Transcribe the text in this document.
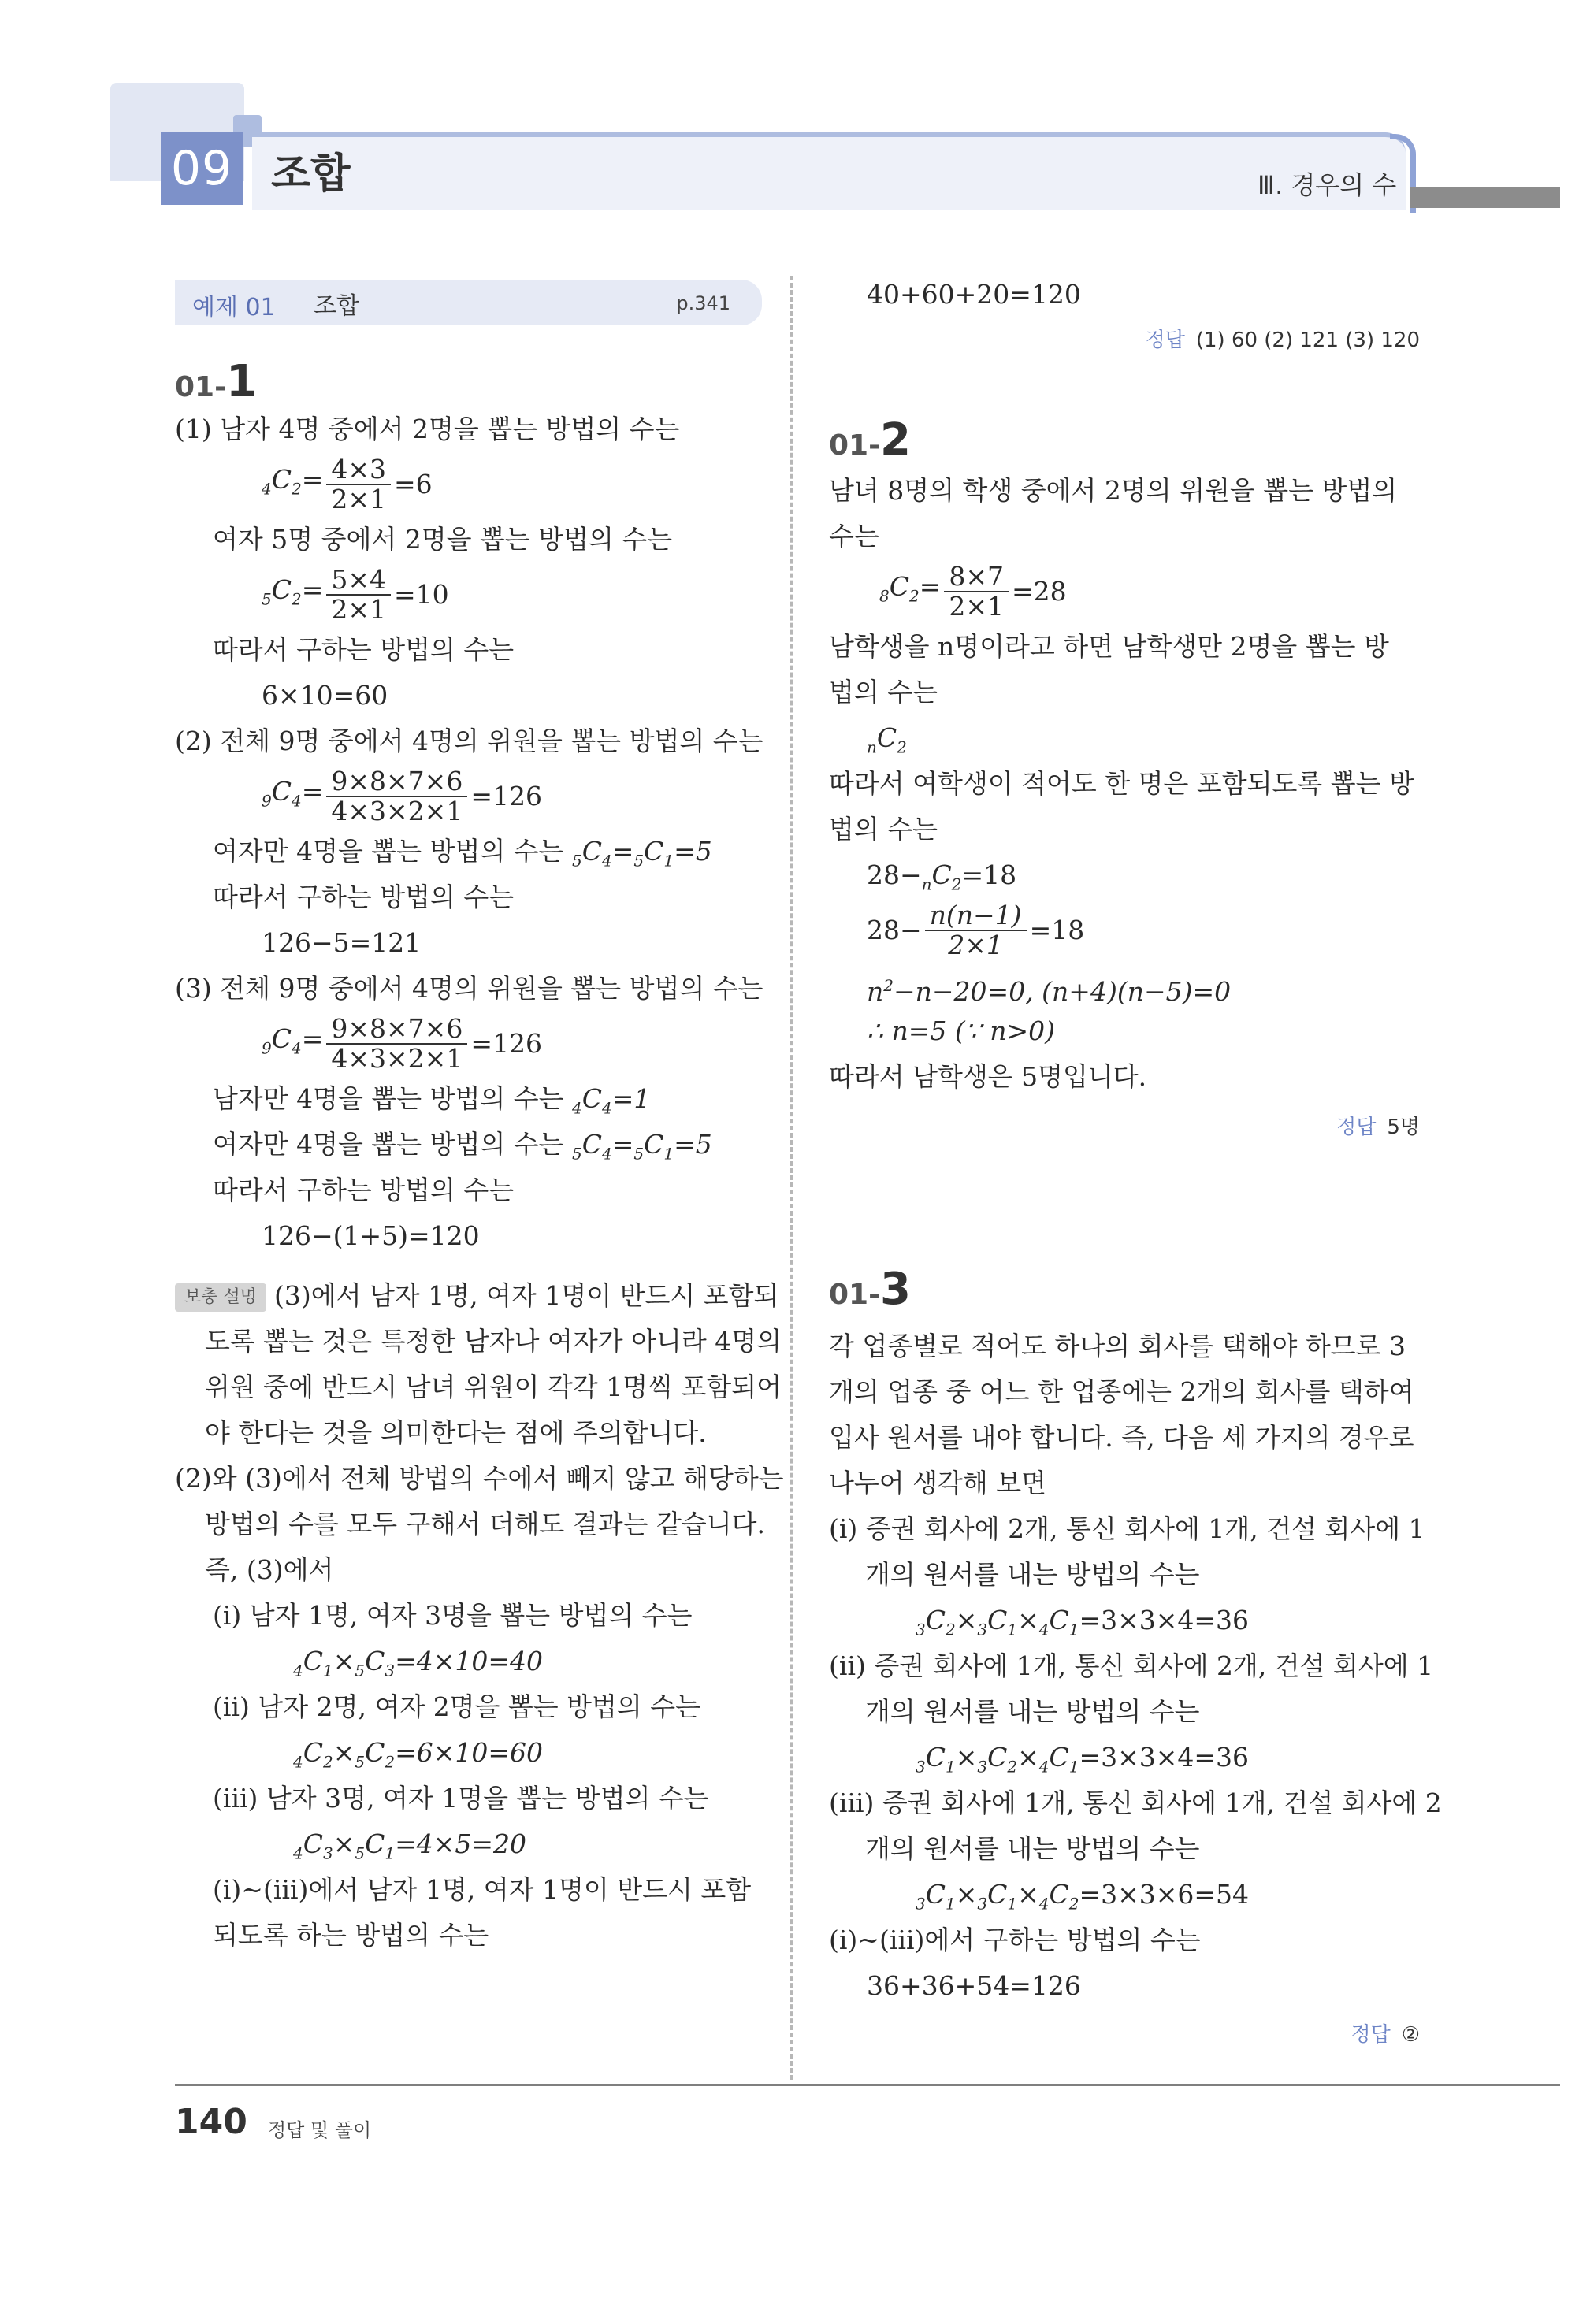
09 조합	Ⅲ. 경우의 수
예제 01 조합	p.341
01-1
(1) 남자 4명 중에서 2명을 뽑는 방법의 수는
$_4C_2= \frac{4\times 3}{2\times 1} =6$
여자 5명 중에서 2명을 뽑는 방법의 수는
$_5C_2= \frac{5\times 4}{2\times 1} =10$
따라서 구하는 방법의 수는
6×10=60
(2) 전체 9명 중에서 4명의 위원을 뽑는 방법의 수는
$_9C_4= \frac{9\times 8\times 7\times 6}{4\times 3\times 2\times 1} =126$
여자만 4명을 뽑는 방법의 수는 $_5C_4=_5C_1=5$
따라서 구하는 방법의 수는
126−5=121
(3) 전체 9명 중에서 4명의 위원을 뽑는 방법의 수는
$_9C_4= \frac{9\times 8\times 7\times 6}{4\times 3\times 2\times 1} =126$
남자만 4명을 뽑는 방법의 수는 $_4C_4=1$
여자만 4명을 뽑는 방법의 수는 $_5C_4=_5C_1=5$
따라서 구하는 방법의 수는
126−(1+5)=120
보충 설명 (3)에서 남자 1명, 여자 1명이 반드시 포함되
도록 뽑는 것은 특정한 남자나 여자가 아니라 4명의
위원 중에 반드시 남녀 위원이 각각 1명씩 포함되어
야 한다는 것을 의미한다는 점에 주의합니다.
(2)와 (3)에서 전체 방법의 수에서 빼지 않고 해당하는
방법의 수를 모두 구해서 더해도 결과는 같습니다.
즉, (3)에서
(ⅰ) 남자 1명, 여자 3명을 뽑는 방법의 수는
$_4C_1\times_5C_3=4\times 10=40$
(ⅱ) 남자 2명, 여자 2명을 뽑는 방법의 수는
$_4C_2\times_5C_2=6\times 10=60$
(ⅲ) 남자 3명, 여자 1명을 뽑는 방법의 수는
$_4C_3\times_5C_1=4\times 5=20$
(ⅰ)~(ⅲ)에서 남자 1명, 여자 1명이 반드시 포함
되도록 하는 방법의 수는
40+60+20=120
정답 (1) 60 (2) 121 (3) 120
01-2
남녀 8명의 학생 중에서 2명의 위원을 뽑는 방법의
수는
$_8C_2= \frac{8\times 7}{2\times 1} =28$
남학생을 n명이라고 하면 남학생만 2명을 뽑는 방
법의 수는
$_nC_2$
따라서 여학생이 적어도 한 명은 포함되도록 뽑는 방
법의 수는
$28-_nC_2=18$
$28- \frac{n(n-1)}{2\times 1} =18$
$n^2-n-20=0$, (n+4)(n−5)=0
∴ n=5 (∵ n>0)
따라서 남학생은 5명입니다.
정답 5명
01-3
각 업종별로 적어도 하나의 회사를 택해야 하므로 3
개의 업종 중 어느 한 업종에는 2개의 회사를 택하여
입사 원서를 내야 합니다. 즉, 다음 세 가지의 경우로
나누어 생각해 보면
(ⅰ) 증권 회사에 2개, 통신 회사에 1개, 건설 회사에 1
개의 원서를 내는 방법의 수는
$_3C_2\times_3C_1\times_4C_1=3\times 3\times 4=36$
(ⅱ) 증권 회사에 1개, 통신 회사에 2개, 건설 회사에 1
개의 원서를 내는 방법의 수는
$_3C_1\times_3C_2\times_4C_1=3\times 3\times 4=36$
(ⅲ) 증권 회사에 1개, 통신 회사에 1개, 건설 회사에 2
개의 원서를 내는 방법의 수는
$_3C_1\times_3C_1\times_4C_2=3\times 3\times 6=54$
(ⅰ)~(ⅲ)에서 구하는 방법의 수는
36+36+54=126
정답 ②
140 정답 및 풀이
